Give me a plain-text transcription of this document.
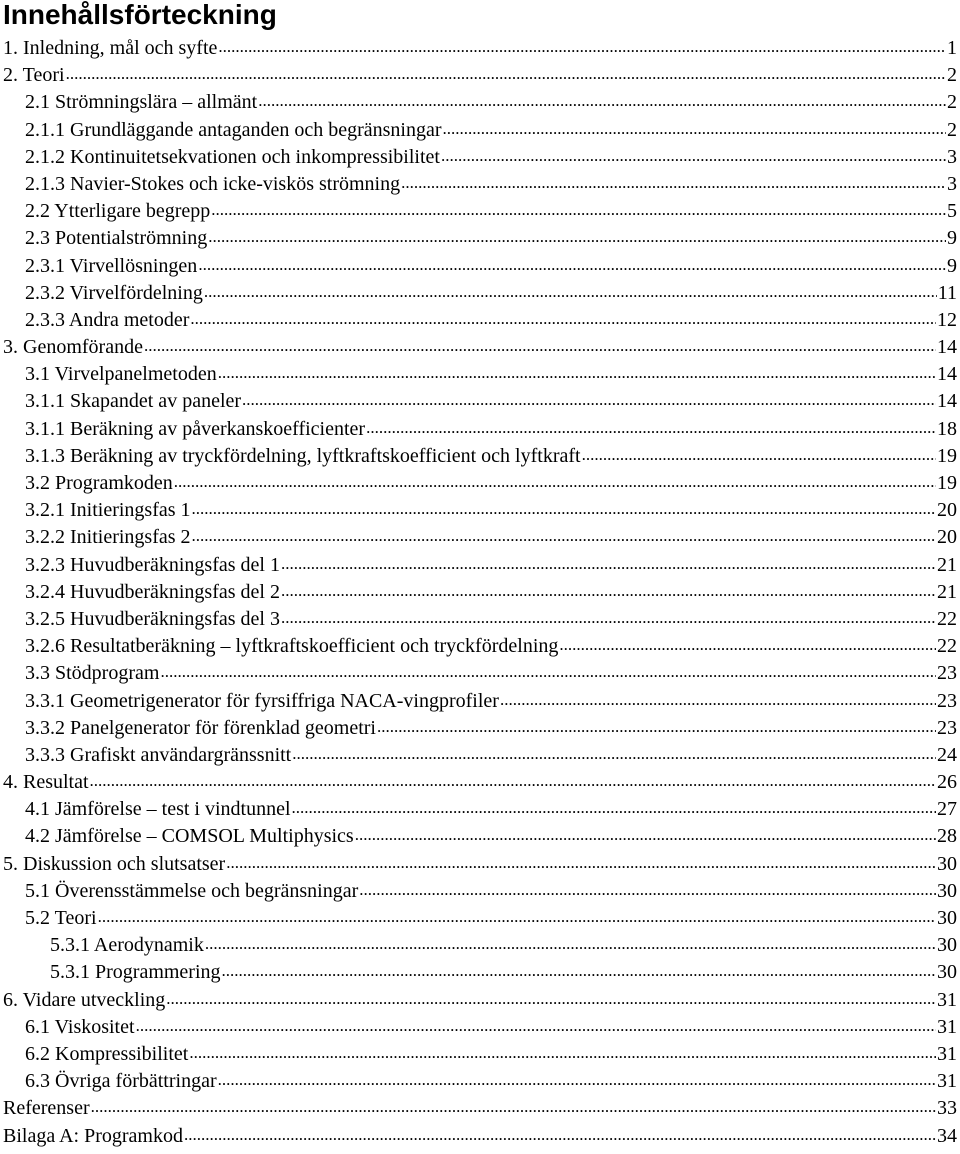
Innehållsförteckning
1. Inledning, mål och syfte .....	1
2. Teori .....	2
2.1 Strömningslära – allmänt .....	2
2.1.1 Grundläggande antaganden och begränsningar .....	2
2.1.2 Kontinuitetsekvationen och inkompressibilitet .....	3
2.1.3 Navier-Stokes och icke-viskös strömning .....	3
2.2 Ytterligare begrepp .....	5
2.3 Potentialströmning .....	9
2.3.1 Virvellösningen .....	9
2.3.2 Virvelfördelning .....	11
2.3.3 Andra metoder .....	12
3. Genomförande .....	14
3.1 Virvelpanelmetoden .....	14
3.1.1 Skapandet av paneler .....	14
3.1.1 Beräkning av påverkanskoefficienter .....	18
3.1.3 Beräkning av tryckfördelning, lyftkraftskoefficient och lyftkraft .....	19
3.2 Programkoden .....	19
3.2.1 Initieringsfas 1 .....	20
3.2.2 Initieringsfas 2 .....	20
3.2.3 Huvudberäkningsfas del 1 .....	21
3.2.4 Huvudberäkningsfas del 2 .....	21
3.2.5 Huvudberäkningsfas del 3 .....	22
3.2.6 Resultatberäkning – lyftkraftskoefficient och tryckfördelning .....	22
3.3 Stödprogram .....	23
3.3.1 Geometrigenerator för fyrsiffriga NACA-vingprofiler .....	23
3.3.2 Panelgenerator för förenklad geometri .....	23
3.3.3 Grafiskt användargränssnitt .....	24
4. Resultat .....	26
4.1 Jämförelse – test i vindtunnel .....	27
4.2 Jämförelse – COMSOL Multiphysics .....	28
5. Diskussion och slutsatser .....	30
5.1 Överensstämmelse och begränsningar .....	30
5.2 Teori .....	30
5.3.1 Aerodynamik .....	30
5.3.1 Programmering .....	30
6. Vidare utveckling .....	31
6.1 Viskositet .....	31
6.2 Kompressibilitet .....	31
6.3 Övriga förbättringar .....	31
Referenser .....	33
Bilaga A: Programkod .....	34
